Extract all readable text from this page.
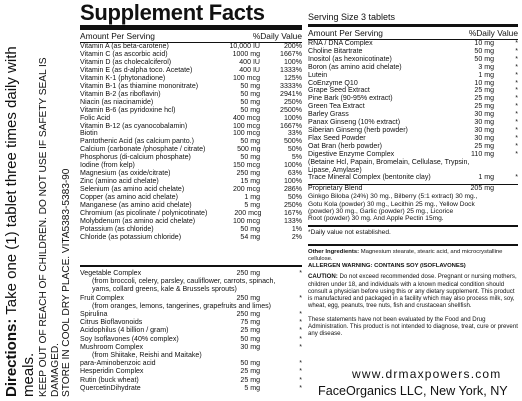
Directions: Take one (1) tablet three times daily with meals. KEEP OUT OF REACH OF CHILDREN. DO NOT USE IF SAFETY SEAL IS DAMAGED. STORE IN COOL DRY PLACE. VITA5383-5383-90

Supplement Facts
Amount Per Serving	%Daily Value
Vitamin A (as beta-carotene)	10,000 IU	200%
Vitamin C (as ascorbic acid)	1000 mg	1667%
Vitamin D (as cholecalciferol)	400 IU	100%
Vitamin E (as d-alpha toco. Acetate)	400 IU	1333%
Vitamin K-1 (phytonadione)	100 mcg	125%
Vitamin B-1 (as thiamine mononitrate)	50 mg	3333%
Vitamin B-2 (as riboflavin)	50 mg	2941%
Niacin (as niacinamide)	50 mg	250%
Vitamin B-6 (as pyridoxine hcl)	50 mg	2500%
Folic Acid	400 mcg	100%
Vitamin B-12 (as cyanocobalamin)	100 mcg	1667%
Biotin	100 mcg	33%
Pantothenic Acid (as calcium panto.)	50 mg	500%
Calcium (carbonate /phosphate / citrate)	500 mg	50%
Phosphorus (di-calcium phosphate)	50 mg	5%
Iodine (from kelp)	150 mcg	100%
Magnesium (as oxide/citrate)	250 mg	63%
Zinc (amino acid chelate)	15 mg	100%
Selenium (as amino acid chelate)	200 mcg	286%
Copper (as amino acid chelate)	1 mg	50%
Manganese (as amino acid chelate)	5 mg	250%
Chromium (as picolinate / polynicotinate)	200 mcg	167%
Molybdenum (as amino acid chelate)	100 mcg	133%
Potassium (as chloride)	50 mg	1%
Chloride (as potassium chloride)	54 mg	2%
Vegetable Complex	250 mg	*
(from broccoli, celery, parsley, cauliflower, carrots, spinach,
yams, collard greens, kale & Brussels sprouts)
Fruit Complex	250 mg	*
(from oranges, lemons, tangerines, grapefruits and limes)
Spirulina	250 mg	*
Citrus Bioflavonoids	75 mg	*
Acidophilus (4 billion / gram)	25 mg	*
Soy Isoflavones (40% complex)	50 mg	*
Mushroom Complex	30 mg	*
(from Shiitake, Reishi and Maitake)
para-Aminobenzoic acid	50 mg	*
Hesperidin Complex	25 mg	*
Rutin (buck wheat)	25 mg	*
QuercetinDihydrate	5 mg	*
Serving Size 3 tablets
Amount Per Serving	%Daily Value
RNA / DNA Complex	10 mg	*
Choline Bitartrate	50 mg	*
Inositol (as hexonicotinate)	50 mg	*
Boron (as amino acid chelate)	3 mg	*
Lutein	1 mg	*
CoEnzyme Q10	10 mg	*
Grape Seed Extract	25 mg	*
Pine Bark (90-95% extract)	25 mg	*
Green Tea Extract	25 mg	*
Barley Grass	30 mg	*
Panax Ginseng (10% extract)	30 mg	*
Siberian Ginseng (herb powder)	30 mg	*
Flax Seed Powder	30 mg	*
Oat Bran (herb powder)	25 mg	*
Digestive Enzyme Complex	110 mg	*
(Betaine Hcl, Papain, Bromelain, Cellulase, Trypsin,
Lipase, Amylase)
Trace Mineral Complex (bentonite clay)	1 mg	*
Proprietary Blend	205 mg
Ginkgo Biloba (24%) 30 mg., Bilberry (5:1 extract) 30 mg.,
Gotu Kola (powder) 30 mg., Lecithin 25 mg., Yellow Dock
(powder) 30 mg., Garlic (powder) 25 mg., Licorice
Root (powder) 30 mg. And Apple Pectin 15mg.
*Daily value not established.
Other Ingredients: Magnesium stearate, stearic acid, and microcrystalline cellulose.
ALLERGEN WARNING: CONTAINS SOY (ISOFLAVONES)
CAUTION: Do not exceed recommended dose. Pregnant or nursing mothers, children under 18, and individuals with a known medical condition should consult a physician before using this or any dietary supplement. This product is manufactured and packaged in a facility which may also process milk, soy, wheat, egg, peanuts, tree nuts, fish and crustacean shellfish.
These statements have not been evaluated by the Food and Drug Administration. This product is not intended to diagnose, treat, cure or prevent any disease.
www.drmaxpowers.com
FaceOrganics LLC, New York, NY
